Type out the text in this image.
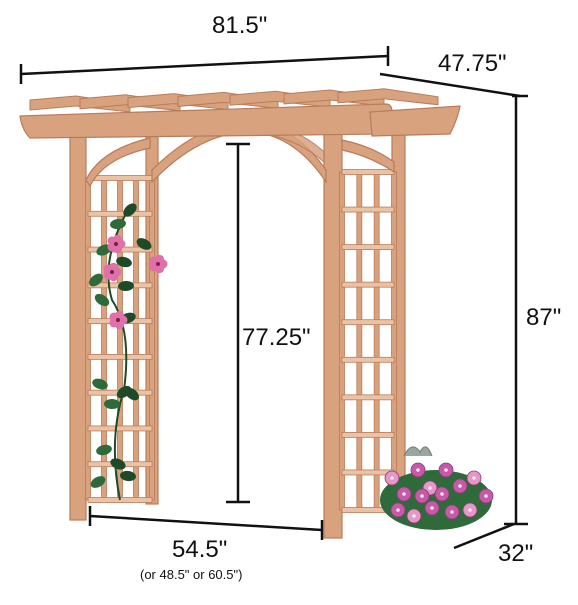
81.5"
47.75"
87"
77.25"
54.5"
(or 48.5" or 60.5")
32"
